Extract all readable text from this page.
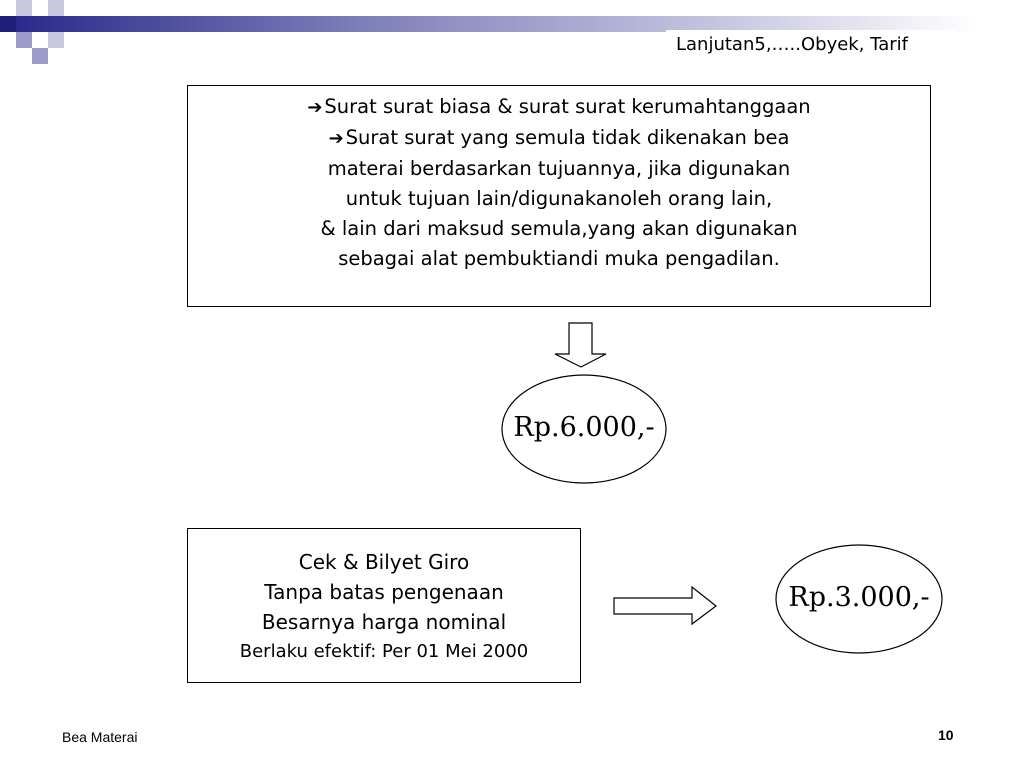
Lanjutan5,…..Obyek, Tarif
➔ Surat surat biasa & surat surat kerumahtanggaan
➔ Surat surat yang semula tidak dikenakan bea
materai berdasarkan tujuannya, jika digunakan
untuk tujuan lain/digunakanoleh orang lain,
& lain dari maksud semula,yang akan digunakan
sebagai alat pembuktiandi muka pengadilan.
Rp.6.000,-
Cek & Bilyet Giro
Tanpa batas pengenaan
Besarnya harga nominal
Berlaku efektif: Per 01 Mei 2000
Rp.3.000,-
Bea Materai	10
